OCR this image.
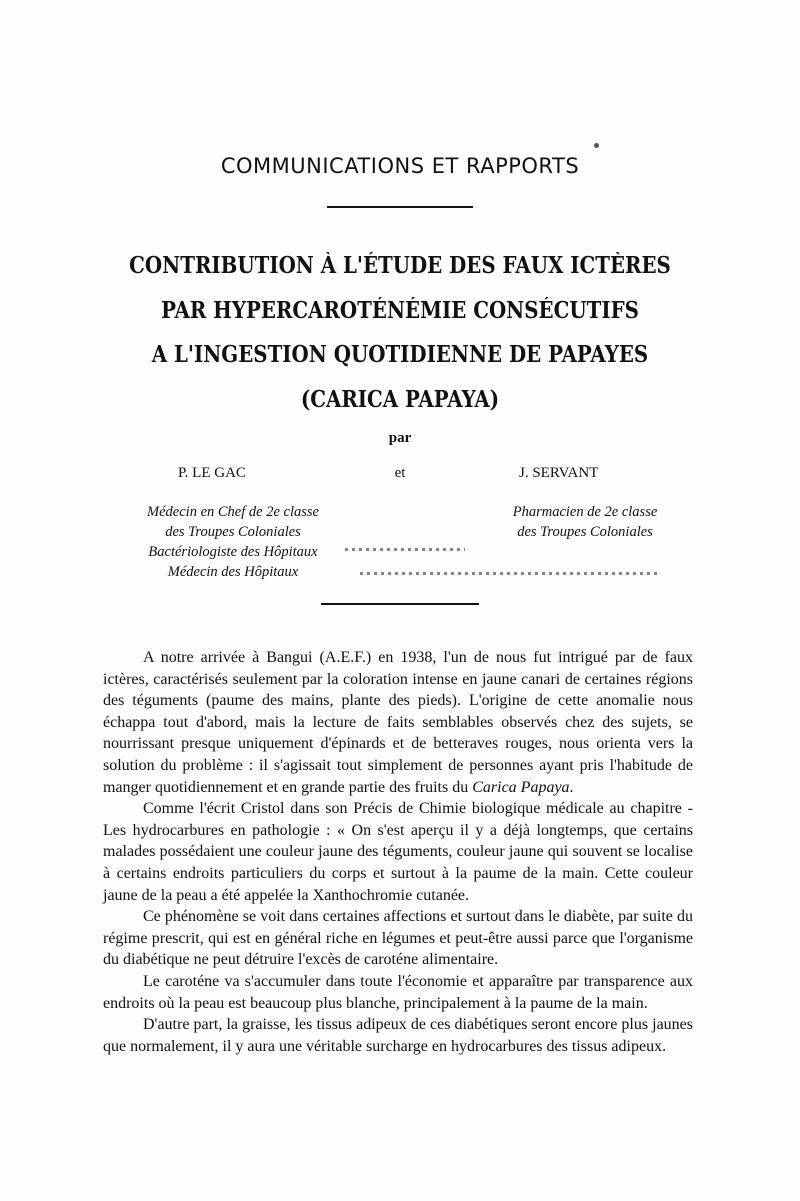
COMMUNICATIONS ET RAPPORTS
CONTRIBUTION À L'ÉTUDE DES FAUX ICTÈRES
PAR HYPERCAROTÉNÉMIE CONSÉCUTIFS
A L'INGESTION QUOTIDIENNE DE PAPAYES
(CARICA PAPAYA)
par
P. LE GAC	et	J. SERVANT
Médecin en Chef de 2e classe
des Troupes Coloniales
Bactériologiste des Hôpitaux
Médecin des Hôpitaux
Pharmacien de 2e classe
des Troupes Coloniales

A notre arrivée à Bangui (A.E.F.) en 1938, l'un de nous fut intrigué par de faux ictères, caractérisés seulement par la coloration intense en jaune canari de certaines régions des téguments (paume des mains, plante des pieds). L'origine de cette anomalie nous échappa tout d'abord, mais la lecture de faits semblables observés chez des sujets, se nourrissant presque uniquement d'épinards et de betteraves rouges, nous orienta vers la solution du problème : il s'agissait tout simplement de personnes ayant pris l'habitude de manger quotidiennement et en grande partie des fruits du Carica Papaya.

Comme l'écrit Cristol dans son Précis de Chimie biologique médicale au chapitre - Les hydrocarbures en pathologie : « On s'est aperçu il y a déjà longtemps, que certains malades possédaient une couleur jaune des téguments, couleur jaune qui souvent se localise à certains endroits particuliers du corps et surtout à la paume de la main. Cette couleur jaune de la peau a été appelée la Xanthochromie cutanée.

Ce phénomène se voit dans certaines affections et surtout dans le diabète, par suite du régime prescrit, qui est en général riche en légumes et peut-être aussi parce que l'organisme du diabétique ne peut détruire l'excès de caroténe alimentaire.

Le caroténe va s'accumuler dans toute l'économie et apparaître par transparence aux endroits où la peau est beaucoup plus blanche, principalement à la paume de la main.

D'autre part, la graisse, les tissus adipeux de ces diabétiques seront encore plus jaunes que normalement, il y aura une véritable surcharge en hydrocarbures des tissus adipeux.
